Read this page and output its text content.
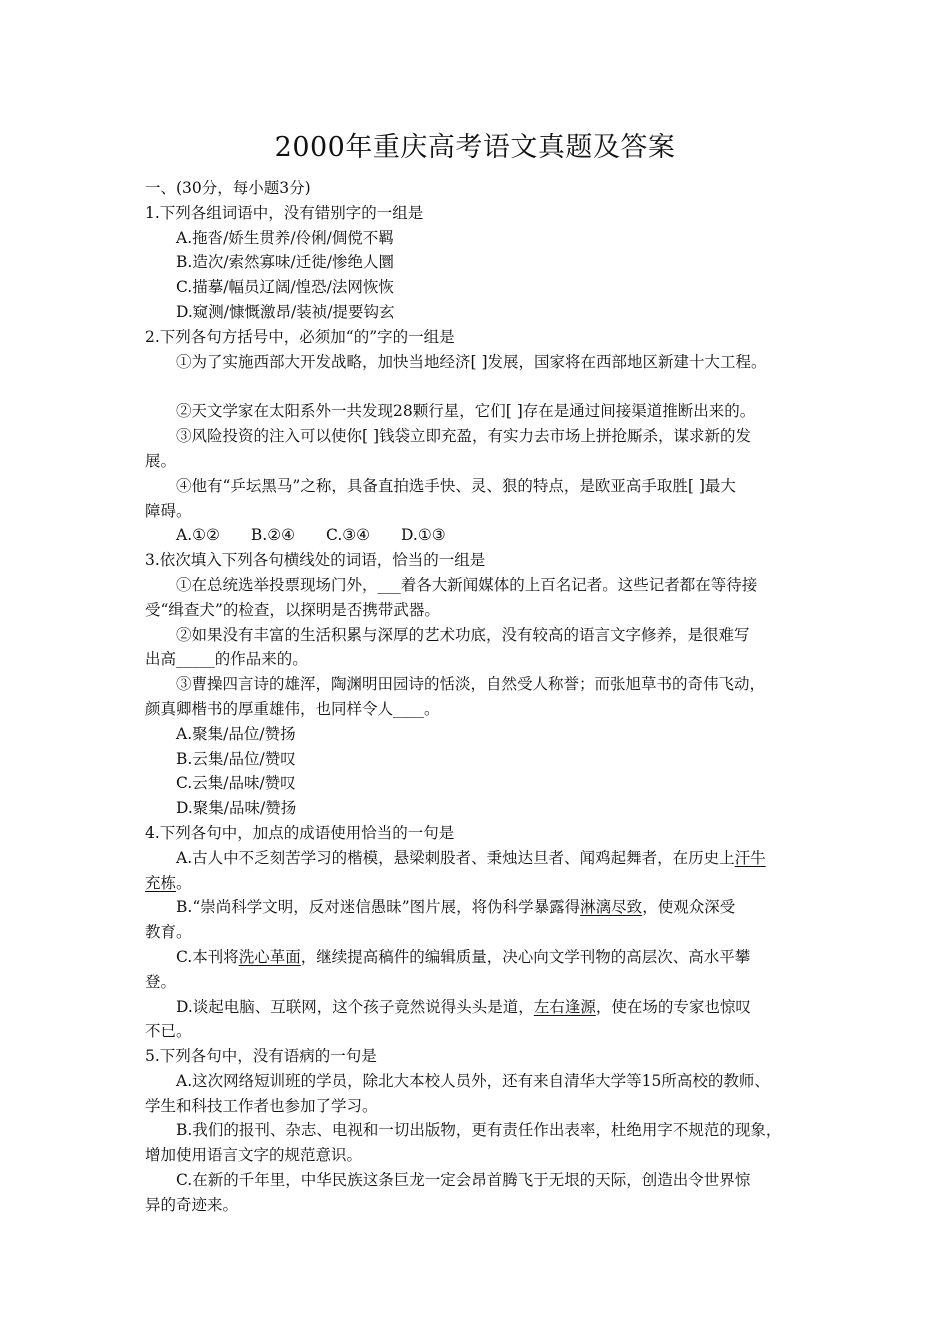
2000年重庆高考语文真题及答案
一、(30分，每小题3分)
1.下列各组词语中，没有错别字的一组是
A.拖沓/娇生贯养/伶俐/倜傥不羁
B.造次/索然寡味/迁徙/惨绝人圜
C.描摹/幅员辽阔/惶恐/法网恢恢
D.窥测/慷慨激昂/装祯/提要钩玄
2.下列各句方括号中，必须加“的”字的一组是
①为了实施西部大开发战略，加快当地经济[ ]发展，国家将在西部地区新建十大工程。
②天文学家在太阳系外一共发现28颗行星，它们[ ]存在是通过间接渠道推断出来的。
③风险投资的注入可以使你[ ]钱袋立即充盈，有实力去市场上拼抢厮杀，谋求新的发
展。
④他有“乒坛黑马”之称，具备直拍选手快、灵、狠的特点，是欧亚高手取胜[ ]最大
障碍。
A.①②　　B.②④　　C.③④　　D.①③
3.依次填入下列各句横线处的词语，恰当的一组是
①在总统选举投票现场门外，___着各大新闻媒体的上百名记者。这些记者都在等待接
受“缉查犬”的检查，以探明是否携带武器。
②如果没有丰富的生活积累与深厚的艺术功底，没有较高的语言文字修养，是很难写
出高_____的作品来的。
③曹操四言诗的雄浑，陶渊明田园诗的恬淡，自然受人称誉；而张旭草书的奇伟飞动，
颜真卿楷书的厚重雄伟，也同样令人____。
A.聚集/品位/赞扬
B.云集/品位/赞叹
C.云集/品味/赞叹
D.聚集/品味/赞扬
4.下列各句中，加点的成语使用恰当的一句是
A.古人中不乏刻苦学习的楷模，悬梁刺股者、秉烛达旦者、闻鸡起舞者，在历史上汗牛
充栋。
B.“崇尚科学文明，反对迷信愚昧”图片展，将伪科学暴露得淋漓尽致，使观众深受
教育。
C.本刊将洗心革面，继续提高稿件的编辑质量，决心向文学刊物的高层次、高水平攀
登。
D.谈起电脑、互联网，这个孩子竟然说得头头是道，左右逢源，使在场的专家也惊叹
不已。
5.下列各句中，没有语病的一句是
A.这次网络短训班的学员，除北大本校人员外，还有来自清华大学等15所高校的教师、
学生和科技工作者也参加了学习。
B.我们的报刊、杂志、电视和一切出版物，更有责任作出表率，杜绝用字不规范的现象，
增加使用语言文字的规范意识。
C.在新的千年里，中华民族这条巨龙一定会昂首腾飞于无垠的天际，创造出令世界惊
异的奇迹来。
